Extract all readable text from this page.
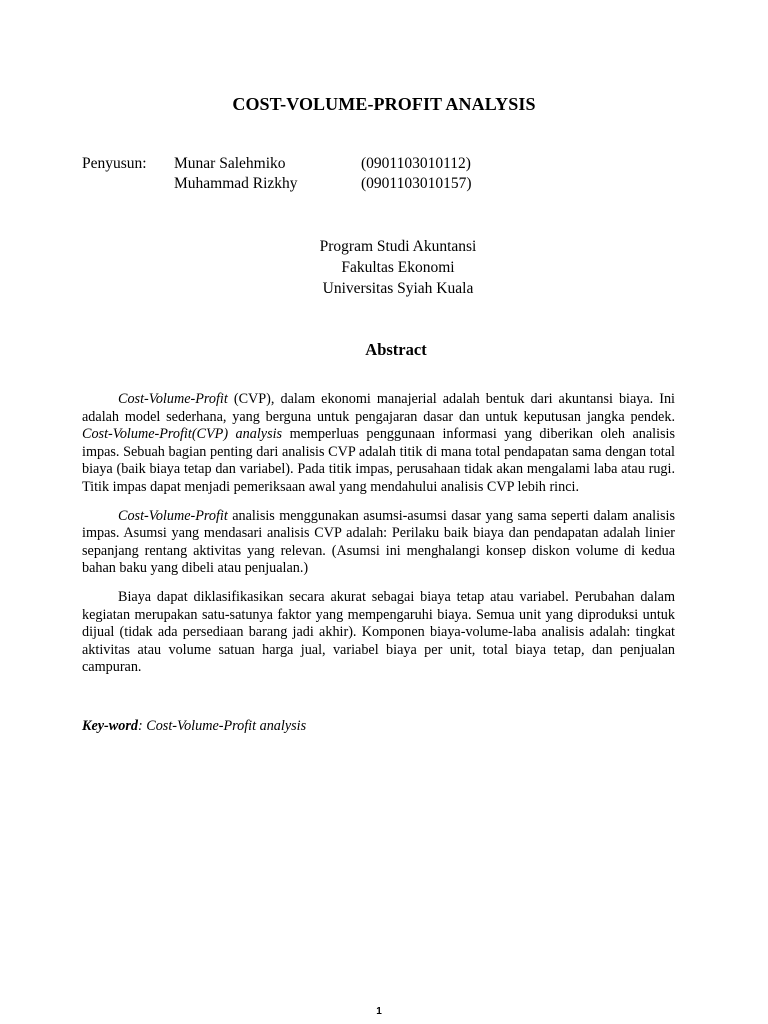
COST-VOLUME-PROFIT ANALYSIS
Penyusun: Munar Salehmiko	(0901103010112)
Muhammad Rizkhy	(0901103010157)
Program Studi Akuntansi
Fakultas Ekonomi
Universitas Syiah Kuala
Abstract

Cost-Volume-Profit (CVP), dalam ekonomi manajerial adalah bentuk dari akuntansi biaya. Ini adalah model sederhana, yang berguna untuk pengajaran dasar dan untuk keputusan jangka pendek. Cost-Volume-Profit(CVP) analysis memperluas penggunaan informasi yang diberikan oleh analisis impas. Sebuah bagian penting dari analisis CVP adalah titik di mana total pendapatan sama dengan total biaya (baik biaya tetap dan variabel). Pada titik impas, perusahaan tidak akan mengalami laba atau rugi. Titik impas dapat menjadi pemeriksaan awal yang mendahului analisis CVP lebih rinci.

Cost-Volume-Profit analisis menggunakan asumsi-asumsi dasar yang sama seperti dalam analisis impas. Asumsi yang mendasari analisis CVP adalah: Perilaku baik biaya dan pendapatan adalah linier sepanjang rentang aktivitas yang relevan. (Asumsi ini menghalangi konsep diskon volume di kedua bahan baku yang dibeli atau penjualan.)

Biaya dapat diklasifikasikan secara akurat sebagai biaya tetap atau variabel. Perubahan dalam kegiatan merupakan satu-satunya faktor yang mempengaruhi biaya. Semua unit yang diproduksi untuk dijual (tidak ada persediaan barang jadi akhir). Komponen biaya-volume-laba analisis adalah: tingkat aktivitas atau volume satuan harga jual, variabel biaya per unit, total biaya tetap, dan penjualan campuran.

Key-word: Cost-Volume-Profit analysis
1
